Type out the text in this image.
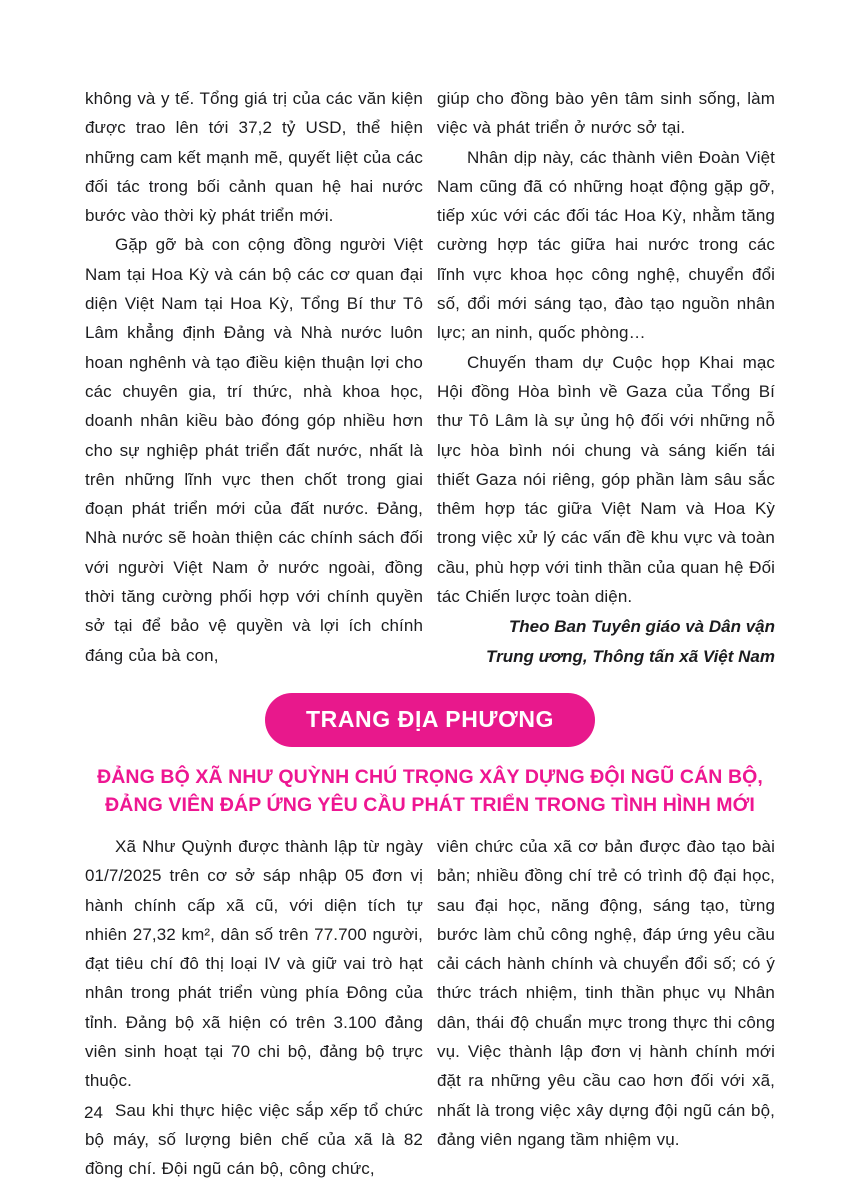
không và y tế. Tổng giá trị của các văn kiện được trao lên tới 37,2 tỷ USD, thể hiện những cam kết mạnh mẽ, quyết liệt của các đối tác trong bối cảnh quan hệ hai nước bước vào thời kỳ phát triển mới.

Gặp gỡ bà con cộng đồng người Việt Nam tại Hoa Kỳ và cán bộ các cơ quan đại diện Việt Nam tại Hoa Kỳ, Tổng Bí thư Tô Lâm khẳng định Đảng và Nhà nước luôn hoan nghênh và tạo điều kiện thuận lợi cho các chuyên gia, trí thức, nhà khoa học, doanh nhân kiều bào đóng góp nhiều hơn cho sự nghiệp phát triển đất nước, nhất là trên những lĩnh vực then chốt trong giai đoạn phát triển mới của đất nước. Đảng, Nhà nước sẽ hoàn thiện các chính sách đối với người Việt Nam ở nước ngoài, đồng thời tăng cường phối hợp với chính quyền sở tại để bảo vệ quyền và lợi ích chính đáng của bà con,

giúp cho đồng bào yên tâm sinh sống, làm việc và phát triển ở nước sở tại.

Nhân dịp này, các thành viên Đoàn Việt Nam cũng đã có những hoạt động gặp gỡ, tiếp xúc với các đối tác Hoa Kỳ, nhằm tăng cường hợp tác giữa hai nước trong các lĩnh vực khoa học công nghệ, chuyển đổi số, đổi mới sáng tạo, đào tạo nguồn nhân lực; an ninh, quốc phòng…

Chuyến tham dự Cuộc họp Khai mạc Hội đồng Hòa bình về Gaza của Tổng Bí thư Tô Lâm là sự ủng hộ đối với những nỗ lực hòa bình nói chung và sáng kiến tái thiết Gaza nói riêng, góp phần làm sâu sắc thêm hợp tác giữa Việt Nam và Hoa Kỳ trong việc xử lý các vấn đề khu vực và toàn cầu, phù hợp với tinh thần của quan hệ Đối tác Chiến lược toàn diện.

Theo Ban Tuyên giáo và Dân vận
Trung ương, Thông tấn xã Việt Nam

TRANG ĐỊA PHƯƠNG
ĐẢNG BỘ XÃ NHƯ QUỲNH CHÚ TRỌNG XÂY DỰNG ĐỘI NGŨ CÁN BỘ,
ĐẢNG VIÊN ĐÁP ỨNG YÊU CẦU PHÁT TRIỂN TRONG TÌNH HÌNH MỚI

Xã Như Quỳnh được thành lập từ ngày 01/7/2025 trên cơ sở sáp nhập 05 đơn vị hành chính cấp xã cũ, với diện tích tự nhiên 27,32 km², dân số trên 77.700 người, đạt tiêu chí đô thị loại IV và giữ vai trò hạt nhân trong phát triển vùng phía Đông của tỉnh. Đảng bộ xã hiện có trên 3.100 đảng viên sinh hoạt tại 70 chi bộ, đảng bộ trực thuộc.

Sau khi thực hiệc việc sắp xếp tổ chức bộ máy, số lượng biên chế của xã là 82 đồng chí. Đội ngũ cán bộ, công chức,

viên chức của xã cơ bản được đào tạo bài bản; nhiều đồng chí trẻ có trình độ đại học, sau đại học, năng động, sáng tạo, từng bước làm chủ công nghệ, đáp ứng yêu cầu cải cách hành chính và chuyển đổi số; có ý thức trách nhiệm, tinh thần phục vụ Nhân dân, thái độ chuẩn mực trong thực thi công vụ. Việc thành lập đơn vị hành chính mới đặt ra những yêu cầu cao hơn đối với xã, nhất là trong việc xây dựng đội ngũ cán bộ, đảng viên ngang tầm nhiệm vụ.

24
